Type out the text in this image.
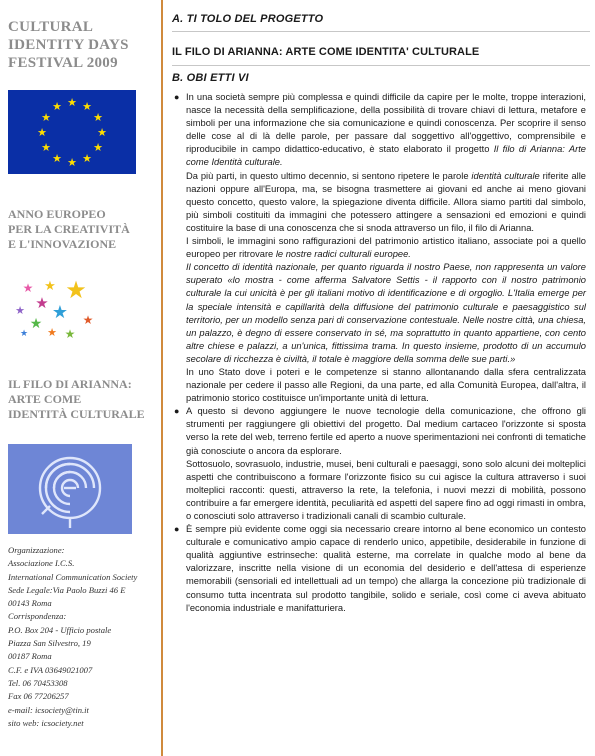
CULTURAL
IDENTITY DAYS
FESTIVAL 2009
★ ★
★
★
★
★
★
★
★
★
★
★
ANNO EUROPEO
PER LA CREATIVITÀ
E L'INNOVAZIONE
★ ★ ★
★
★ ★
★	★
★ ★
★
IL FILO DI ARIANNA:
ARTE COME
IDENTITÀ CULTURALE
Organizzazione:
Associazione I.C.S.
International Communication Society
Sede Legale:Via Paolo Buzzi 46 E
00143 Roma
Corrispondenza:
P.O. Box 204 - Ufficio postale
Piazza San Silvestro, 19
00187 Roma
C.F. e IVA 03649021007
Tel. 06 70453308
Fax 06 77206257
e-mail: icsociety@tin.it
sito web: icsociety.net
A. TI TOLO DEL PROGETTO
IL FILO DI ARIANNA: ARTE COME IDENTITA' CULTURALE
B. OBI ETTI VI
● In una società sempre più complessa e quindi difficile da capire per le molte, troppe interazioni, nasce la necessità della semplificazione, della possibilità di trovare chiavi di lettura, metafore e simboli per una informazione che sia comunicazione e quindi conoscenza. Per scoprire il senso delle cose al di là delle parole, per passare dal soggettivo all'oggettivo, comprensibile e riproducibile in campo didattico-educativo, è stato elaborato il progetto Il filo di Arianna: Arte come Identità culturale.

Da più parti, in questo ultimo decennio, si sentono ripetere le parole identità culturale riferite alle nazioni oppure all'Europa, ma, se bisogna trasmettere ai giovani ed anche ai meno giovani questo concetto, questo valore, la spiegazione diventa difficile. Allora siamo partiti dal simbolo, più simboli costituiti da immagini che potessero attingere a sensazioni ed emozioni e quindi costituire la base di una conoscenza che si snoda attraverso un filo, il filo di Arianna.

I simboli, le immagini sono raffigurazioni del patrimonio artistico italiano, associate poi a quello europeo per ritrovare le nostre radici culturali europee.

Il concetto di identità nazionale, per quanto riguarda il nostro Paese, non rappresenta un valore superato «lo mostra - come afferma Salvatore Settis - il rapporto con il nostro patrimonio culturale la cui unicità è per gli italiani motivo di identificazione e di orgoglio. L'Italia emerge per la speciale intensità e capillarità della diffusione del patrimonio culturale e paesaggistico sul territorio, per un modello senza pari di conservazione contestuale. Nelle nostre città, una chiesa, un palazzo, è degno di essere conservato in sé, ma soprattutto in quanto appartiene, con cento altre chiese e palazzi, a un'unica, fittissima trama. In questo insieme, prodotto di un accumulo secolare di ricchezza è civiltà, il totale è maggiore della somma delle sue parti.»

In uno Stato dove i poteri e le competenze si stanno allontanando dalla sfera centralizzata nazionale per cedere il passo alle Regioni, da una parte, ed alla Comunità Europea, dall'altra, il patrimonio storico costituisce un'importante unità di lettura.

● A questo si devono aggiungere le nuove tecnologie della comunicazione, che offrono gli strumenti per raggiungere gli obiettivi del progetto. Dal medium cartaceo l'orizzonte si sposta verso la rete del web, terreno fertile ed aperto a nuove sperimentazioni nei confronti di tematiche già conosciute o ancora da esplorare.

Sottosuolo, sovrasuolo, industrie, musei, beni culturali e paesaggi, sono solo alcuni dei molteplici aspetti che contribuiscono a formare l'orizzonte fisico su cui agisce la cultura attraverso i suoi molteplici racconti: questi, attraverso la rete, la telefonia, i nuovi mezzi di mobilità, possono contribuire a far emergere identità, peculiarità ed aspetti del sapere fino ad oggi rimasti in ombra, o conosciuti solo attraverso i tradizionali canali di scambio culturale.

● È sempre più evidente come oggi sia necessario creare intorno al bene economico un contesto culturale e comunicativo ampio capace di renderlo unico, appetibile, desiderabile in funzione di qualità aggiuntive estrinseche: qualità esterne, ma correlate in qualche modo al bene da valorizzare, inscritte nella visione di un economia del desiderio e dell'attesa di esperienze memorabili (sensoriali ed intellettuali ad un tempo) che allarga la concezione più tradizionale di consumo tutta incentrata sul prodotto tangibile, solido e seriale, così come ci aveva abituato l'economia industriale e manifatturiera.
